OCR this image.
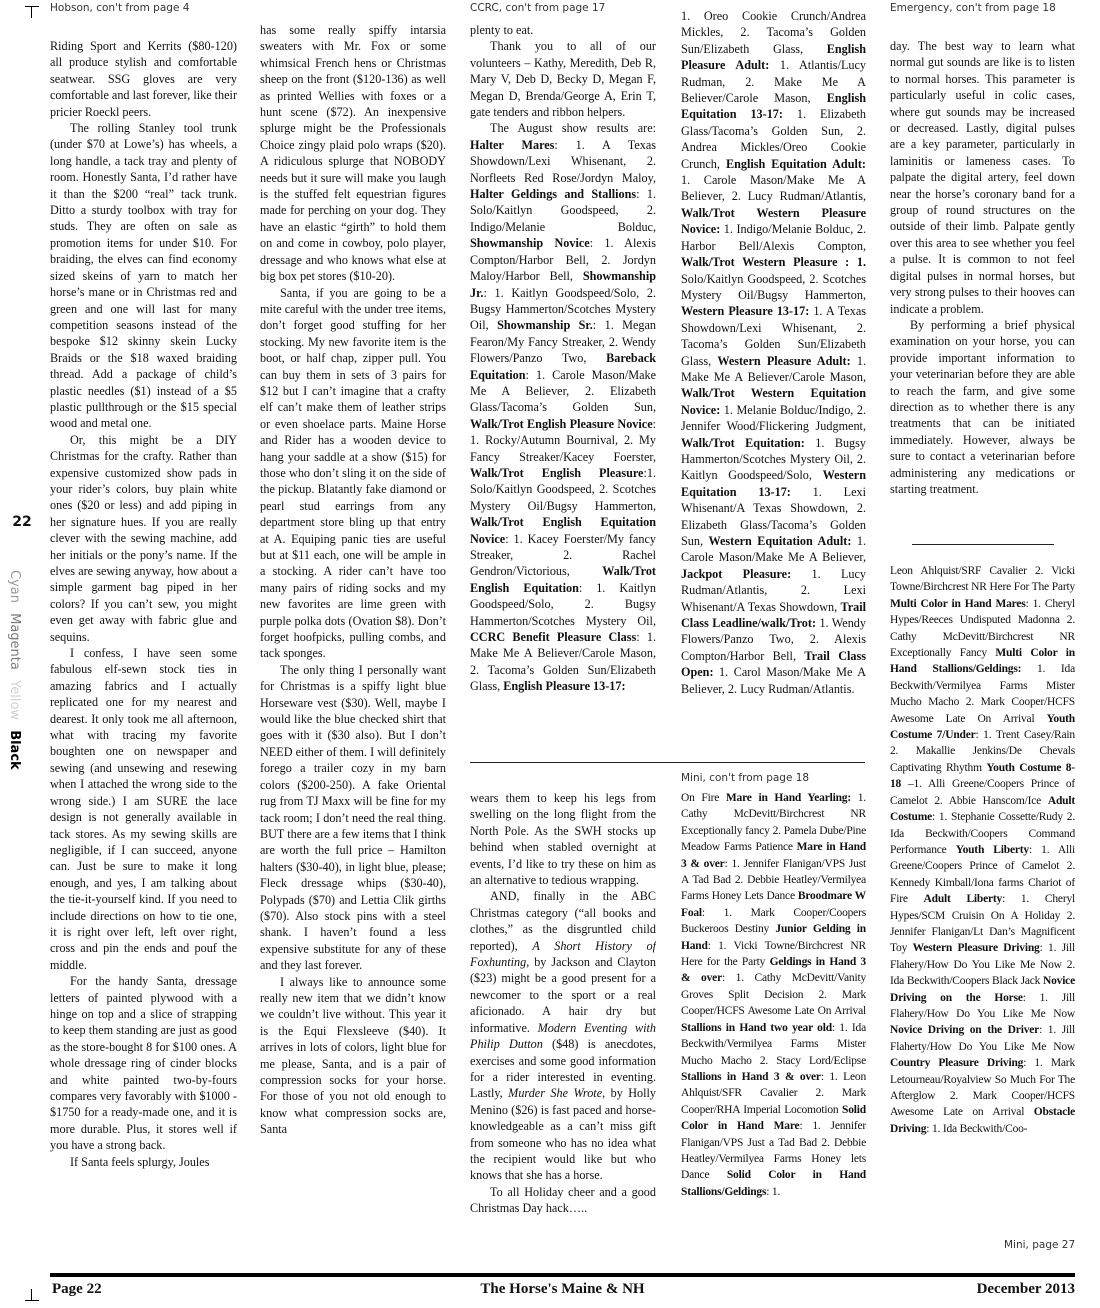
22
Cyan Magenta Yellow Black
Hobson, con't from page 4	CCRC, con't from page 17	Emergency, con't from page 18

Riding Sport and Kerrits ($80-120) all produce stylish and comfortable seatwear. SSG gloves are very comfortable and last forever, like their pricier Roeckl peers.

The rolling Stanley tool trunk (under $70 at Lowe’s) has wheels, a long handle, a tack tray and plenty of room. Honestly Santa, I’d rather have it than the $200 “real” tack trunk. Ditto a sturdy toolbox with tray for studs. They are often on sale as promotion items for under $10. For braiding, the elves can find economy sized skeins of yarn to match her horse’s mane or in Christmas red and green and one will last for many competition seasons instead of the bespoke $12 skinny skein Lucky Braids or the $18 waxed braiding thread. Add a package of child’s plastic needles ($1) instead of a $5 plastic pullthrough or the $15 special wood and metal one.

Or, this might be a DIY Christmas for the crafty. Rather than expensive customized show pads in your rider’s colors, buy plain white ones ($20 or less) and add piping in her signature hues. If you are really clever with the sewing machine, add her initials or the pony’s name. If the elves are sewing anyway, how about a simple garment bag piped in her colors? If you can’t sew, you might even get away with fabric glue and sequins.

I confess, I have seen some fabulous elf-sewn stock ties in amazing fabrics and I actually replicated one for my nearest and dearest. It only took me all afternoon, what with tracing my favorite boughten one on newspaper and sewing (and unsewing and resewing when I attached the wrong side to the wrong side.) I am SURE the lace design is not generally available in tack stores. As my sewing skills are negligible, if I can succeed, anyone can. Just be sure to make it long enough, and yes, I am talking about the tie-it-yourself kind. If you need to include directions on how to tie one, it is right over left, left over right, cross and pin the ends and pouf the middle.

For the handy Santa, dressage letters of painted plywood with a hinge on top and a slice of strapping to keep them standing are just as good as the store-bought 8 for $100 ones. A whole dressage ring of cinder blocks and white painted two-by-fours compares very favorably with $1000 - $1750 for a ready-made one, and it is more durable. Plus, it stores well if you have a strong back.

If Santa feels splurgy, Joules

has some really spiffy intarsia sweaters with Mr. Fox or some whimsical French hens or Christmas sheep on the front ($120-136) as well as printed Wellies with foxes or a hunt scene ($72). An inexpensive splurge might be the Professionals Choice zingy plaid polo wraps ($20). A ridiculous splurge that NOBODY needs but it sure will make you laugh is the stuffed felt equestrian figures made for perching on your dog. They have an elastic “girth” to hold them on and come in cowboy, polo player, dressage and who knows what else at big box pet stores ($10-20).

Santa, if you are going to be a mite careful with the under tree items, don’t forget good stuffing for her stocking. My new favorite item is the boot, or half chap, zipper pull. You can buy them in sets of 3 pairs for $12 but I can’t imagine that a crafty elf can’t make them of leather strips or even shoelace parts. Maine Horse and Rider has a wooden device to hang your saddle at a show ($15) for those who don’t sling it on the side of the pickup. Blatantly fake diamond or pearl stud earrings from any department store bling up that entry at A. Equiping panic ties are useful but at $11 each, one will be ample in a stocking. A rider can’t have too many pairs of riding socks and my new favorites are lime green with purple polka dots (Ovation $8). Don’t forget hoofpicks, pulling combs, and tack sponges.

The only thing I personally want for Christmas is a spiffy light blue Horseware vest ($30). Well, maybe I would like the blue checked shirt that goes with it ($30 also). But I don’t NEED either of them. I will definitely forego a trailer cozy in my barn colors ($200-250). A fake Oriental rug from TJ Maxx will be fine for my tack room; I don’t need the real thing. BUT there are a few items that I think are worth the full price – Hamilton halters ($30-40), in light blue, please; Fleck dressage whips ($30-40), Polypads ($70) and Lettia Clik girths ($70). Also stock pins with a steel shank. I haven’t found a less expensive substitute for any of these and they last forever.

I always like to announce some really new item that we didn’t know we couldn’t live without. This year it is the Equi Flexsleeve ($40). It arrives in lots of colors, light blue for me please, Santa, and is a pair of compression socks for your horse. For those of you not old enough to know what compression socks are, Santa

plenty to eat.

Thank you to all of our volunteers – Kathy, Meredith, Deb R, Mary V, Deb D, Becky D, Megan F, Megan D, Brenda/George A, Erin T, gate tenders and ribbon helpers.

The August show results are: Halter Mares: 1. A Texas Showdown/Lexi Whisenant, 2. Norfleets Red Rose/Jordyn Maloy, Halter Geldings and Stallions: 1. Solo/Kaitlyn Goodspeed, 2. Indigo/Melanie Bolduc, Showmanship Novice: 1. Alexis Compton/Harbor Bell, 2. Jordyn Maloy/Harbor Bell, Showmanship Jr.: 1. Kaitlyn Goodspeed/Solo, 2. Bugsy Hammerton/Scotches Mystery Oil, Showmanship Sr.: 1. Megan Fearon/My Fancy Streaker, 2. Wendy Flowers/Panzo Two, Bareback Equitation: 1. Carole Mason/Make Me A Believer, 2. Elizabeth Glass/Tacoma’s Golden Sun, Walk/Trot English Pleasure Novice: 1. Rocky/Autumn Bournival, 2. My Fancy Streaker/Kacey Foerster, Walk/Trot English Pleasure:1. Solo/Kaitlyn Goodspeed, 2. Scotches Mystery Oil/Bugsy Hammerton, Walk/Trot English Equitation Novice: 1. Kacey Foerster/My fancy Streaker, 2. Rachel Gendron/Victorious,	Walk/Trot English Equitation: 1. Kaitlyn Goodspeed/Solo, 2. Bugsy Hammerton/Scotches Mystery Oil, CCRC Benefit Pleasure Class: 1. Make Me A Believer/Carole Mason, 2. Tacoma’s Golden Sun/Elizabeth Glass, English Pleasure 13-17:

1. Oreo Cookie Crunch/Andrea Mickles, 2. Tacoma’s Golden Sun/Elizabeth Glass, English Pleasure Adult: 1. Atlantis/Lucy Rudman, 2. Make Me A Believer/Carole Mason, English Equitation 13-17: 1. Elizabeth Glass/Tacoma’s Golden Sun, 2. Andrea Mickles/Oreo Cookie Crunch, English Equitation Adult: 1. Carole Mason/Make Me A Believer, 2. Lucy Rudman/Atlantis, Walk/Trot Western Pleasure Novice: 1. Indigo/Melanie Bolduc, 2. Harbor Bell/Alexis Compton, Walk/Trot Western Pleasure : 1. Solo/Kaitlyn Goodspeed, 2. Scotches Mystery Oil/Bugsy Hammerton, Western Pleasure 13-17: 1. A Texas Showdown/Lexi Whisenant, 2. Tacoma’s Golden Sun/Elizabeth Glass, Western Pleasure Adult: 1. Make Me A Believer/Carole Mason, Walk/Trot Western Equitation Novice: 1. Melanie Bolduc/Indigo, 2. Jennifer Wood/Flickering Judgment, Walk/Trot Equitation: 1. Bugsy Hammerton/Scotches Mystery Oil, 2. Kaitlyn Goodspeed/Solo, Western Equitation 13-17: 1. Lexi Whisenant/A Texas Showdown, 2. Elizabeth Glass/Tacoma’s Golden Sun, Western Equitation Adult: 1. Carole Mason/Make Me A Believer, Jackpot Pleasure: 1. Lucy Rudman/Atlantis, 2. Lexi Whisenant/A Texas Showdown, Trail Class Leadline/walk/Trot: 1. Wendy Flowers/Panzo Two, 2. Alexis Compton/Harbor Bell, Trail Class Open: 1. Carol Mason/Make Me A Believer, 2. Lucy Rudman/Atlantis.

wears them to keep his legs from swelling on the long flight from the North Pole. As the SWH stocks up behind when stabled overnight at events, I’d like to try these on him as an alternative to tedious wrapping.

AND, finally in the ABC Christmas category (“all books and clothes,” as the disgruntled child reported), A Short History of Foxhunting, by Jackson and Clayton ($23) might be a good present for a newcomer to the sport or a real aficionado. A hair dry but informative. Modern Eventing with Philip Dutton ($48) is anecdotes, exercises and some good information for a rider interested in eventing. Lastly, Murder She Wrote, by Holly Menino ($26) is fast paced and horse-knowledgeable as a can’t miss gift from someone who has no idea what the recipient would like but who knows that she has a horse.

To all Holiday cheer and a good Christmas Day hack…..

Mini, con't from page 18

On Fire Mare in Hand Yearling: 1. Cathy McDevitt/Birchcrest NR Exceptionally fancy 2. Pamela Dube/Pine Meadow Farms Patience Mare in Hand 3 & over: 1. Jennifer Flanigan/VPS Just A Tad Bad 2. Debbie Heatley/Vermilyea Farms Honey Lets Dance Broodmare W Foal: 1. Mark Cooper/Coopers Buckeroos Destiny Junior Gelding in Hand: 1. Vicki Towne/Birchcrest NR Here for the Party Geldings in Hand 3 & over: 1. Cathy McDevitt/Vanity Groves Split Decision 2. Mark Cooper/HCFS Awesome Late On Arrival Stallions in Hand two year old: 1. Ida Beckwith/Vermilyea Farms Mister Mucho Macho 2. Stacy Lord/Eclipse Stallions in Hand 3 & over: 1. Leon Ahlquist/SFR Cavalier 2. Mark Cooper/RHA Imperial Locomotion Solid Color in Hand Mare: 1. Jennifer Flanigan/VPS Just a Tad Bad 2. Debbie Heatley/Vermilyea Farms Honey lets Dance Solid Color in Hand Stallions/Geldings: 1.

day. The best way to learn what normal gut sounds are like is to listen to normal horses. This parameter is particularly useful in colic cases, where gut sounds may be increased or decreased. Lastly, digital pulses are a key parameter, particularly in laminitis or lameness cases. To palpate the digital artery, feel down near the horse’s coronary band for a group of round structures on the outside of their limb. Palpate gently over this area to see whether you feel a pulse. It is common to not feel digital pulses in normal horses, but very strong pulses to their hooves can indicate a problem.

By performing a brief physical examination on your horse, you can provide important information to your veterinarian before they are able to reach the farm, and give some direction as to whether there is any treatments that can be initiated immediately. However, always be sure to contact a veterinarian before administering any medications or starting treatment.

Leon Ahlquist/SRF Cavalier 2. Vicki Towne/Birchcrest NR Here For The Party Multi Color in Hand Mares: 1. Cheryl Hypes/Reeces Undisputed Madonna 2. Cathy McDevitt/Birchcrest NR Exceptionally Fancy Multi Color in Hand Stallions/Geldings: 1. Ida Beckwith/Vermilyea Farms Mister Mucho Macho 2. Mark Cooper/HCFS Awesome Late On Arrival Youth Costume 7/Under: 1. Trent Casey/Rain 2. Makallie Jenkins/De Chevals Captivating Rhythm Youth Costume 8-18 –1. Alli Greene/Coopers Prince of Camelot 2. Abbie Hanscom/Ice Adult Costume: 1. Stephanie Cossette/Rudy 2. Ida Beckwith/Coopers Command Performance Youth Liberty: 1. Alli Greene/Coopers Prince of Camelot 2. Kennedy Kimball/Iona farms Chariot of Fire Adult Liberty: 1. Cheryl Hypes/SCM Cruisin On A Holiday 2. Jennifer Flanigan/Lt Dan’s Magnificent Toy Western Pleasure Driving: 1. Jill Flahery/How Do You Like Me Now 2. Ida Beckwith/Coopers Black Jack Novice Driving on the Horse: 1. Jill Flahery/How Do You Like Me Now Novice Driving on the Driver: 1. Jill Flaherty/How Do You Like Me Now Country Pleasure Driving: 1. Mark Letourneau/Royalview So Much For The Afterglow 2. Mark Cooper/HCFS Awesome Late on Arrival Obstacle Driving: 1. Ida Beckwith/Coo-

Mini, page 27
Page 22	The Horse's Maine & NH	December 2013
